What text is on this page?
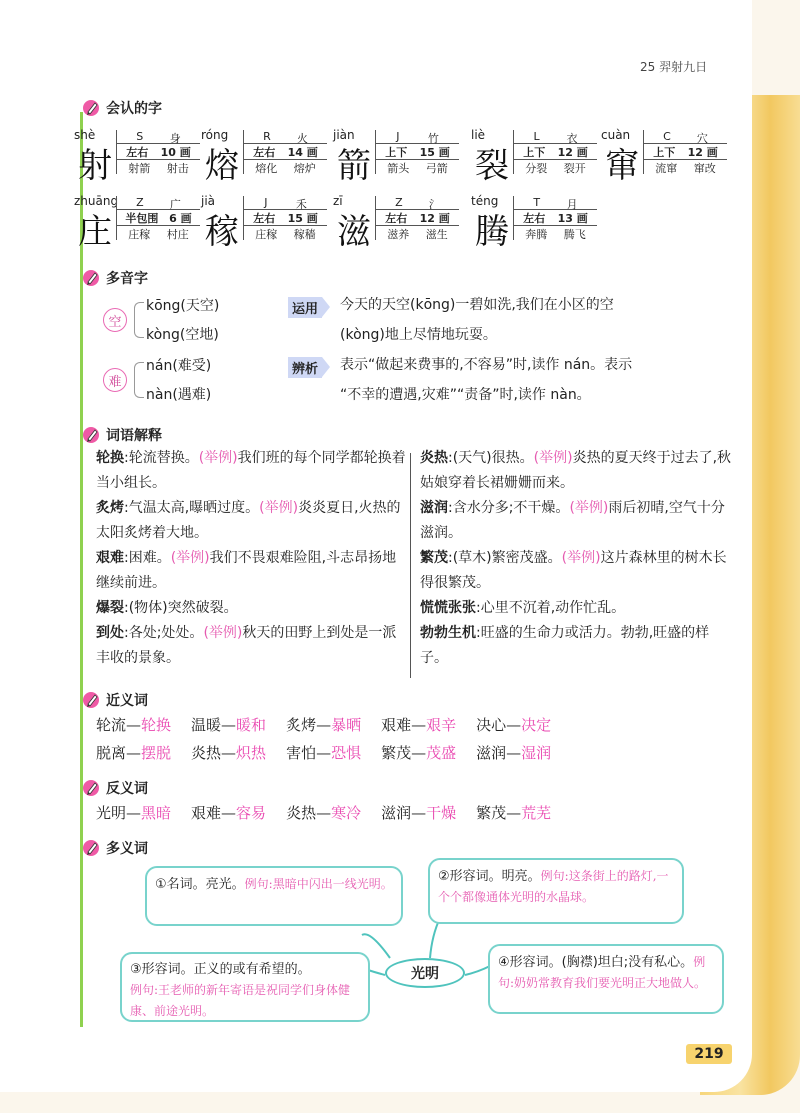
25 羿射九日
会认的字
shè
射
S 身
左右 10 画
射箭 射击
róng
熔
R 火
左右 14 画
熔化 熔炉
jiàn
箭
J	竹
上下 15 画
箭头 弓箭
liè
裂
L 衣
上下 12 画
分裂 裂开
cuàn
窜
C 穴
上下 12 画
流窜 窜改
zhuāng
庄
Z 广
半包围 6 画
庄稼 村庄
jià
稼
J	禾
左右 15 画
庄稼 稼穑
zī
滋
Z 氵
左右 12 画
滋养 滋生
téng
腾
T 月
左右 13 画
奔腾 腾飞
多音字
空
kōng(天空)
kòng(空地)
运用 今天的天空(kōng)一碧如洗,我们在小区的空
(kòng)地上尽情地玩耍。
难
nán(难受)
nàn(遇难)
辨析 表示“做起来费事的,不容易”时,读作 nán。表示
“不幸的遭遇,灾难”“责备”时,读作 nàn。
词语解释
轮换:轮流替换。(举例)我们班的每个同学都轮换着当小组长。
炙烤:气温太高,曝晒过度。(举例)炎炎夏日,火热的太阳炙烤着大地。
艰难:困难。(举例)我们不畏艰难险阻,斗志昂扬地继续前进。
爆裂:(物体)突然破裂。
到处:各处;处处。(举例)秋天的田野上到处是一派丰收的景象。
炎热:(天气)很热。(举例)炎热的夏天终于过去了,秋姑娘穿着长裙姗姗而来。
滋润:含水分多;不干燥。(举例)雨后初晴,空气十分滋润。
繁茂:(草木)繁密茂盛。(举例)这片森林里的树木长得很繁茂。
慌慌张张:心里不沉着,动作忙乱。
勃勃生机:旺盛的生命力或活力。勃勃,旺盛的样子。
近义词
轮流—轮换 温暖—暖和 炙烤—暴晒 艰难—艰辛 决心—决定
脱离—摆脱 炎热—炽热 害怕—恐惧 繁茂—茂盛 滋润—湿润
反义词
光明—黑暗 艰难—容易 炎热—寒冷 滋润—干燥 繁茂—荒芜
多义词
①名词。亮光。例句:黑暗中闪出一线光明。	②形容词。明亮。例句:这条街上的路灯,一个个都像通体光明的水晶球。
③形容词。正义的或有希望的。
例句:王老师的新年寄语是祝同学们身体健康、前途光明。
④形容词。(胸襟)坦白;没有私心。例句:奶奶常教育我们要光明正大地做人。
光明
219
